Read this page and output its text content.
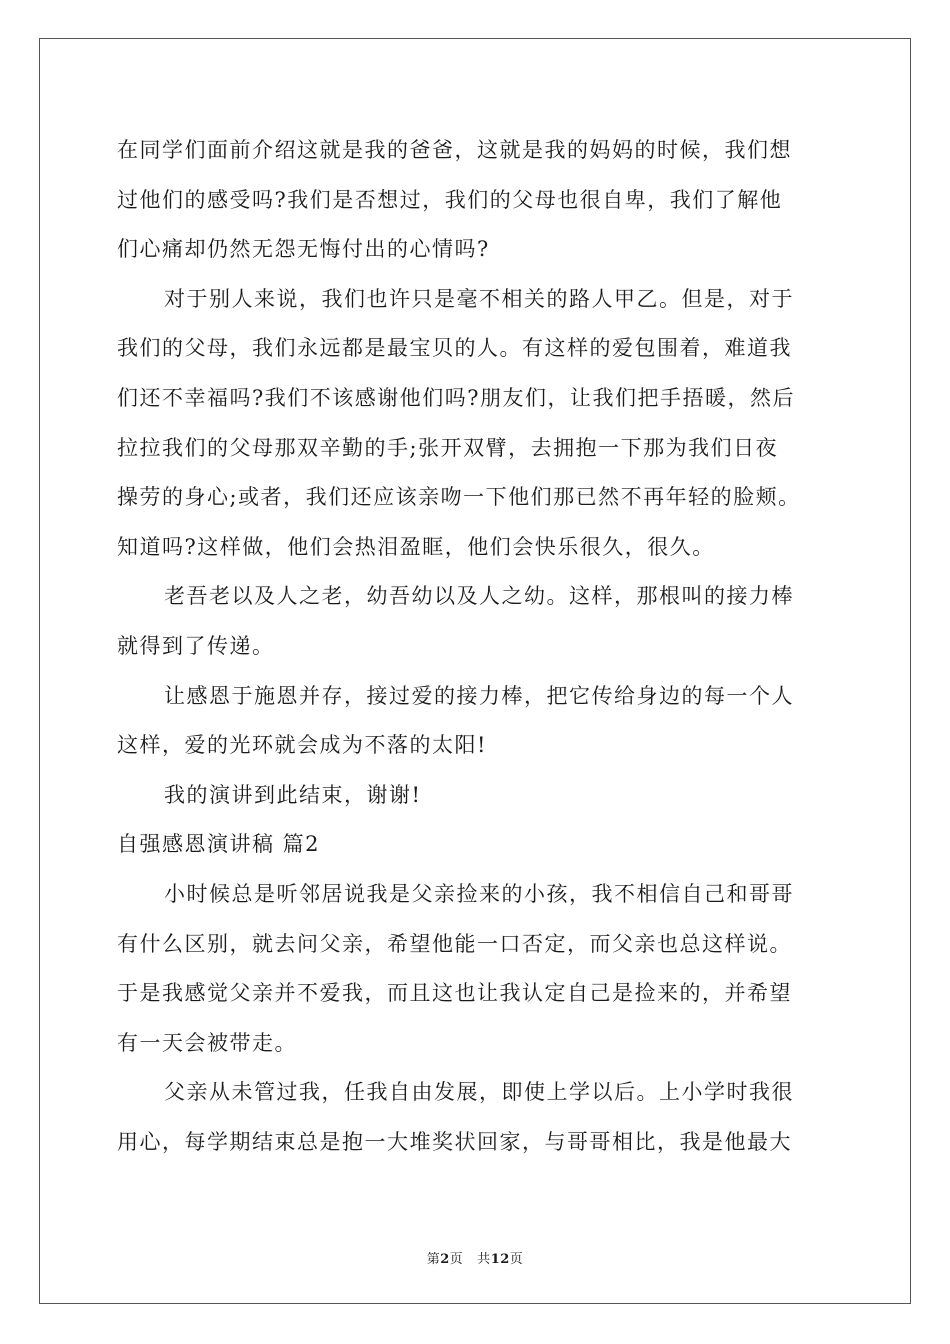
在同学们面前介绍这就是我的爸爸，这就是我的妈妈的时候，我们想
过他们的感受吗?我们是否想过，我们的父母也很自卑，我们了解他
们心痛却仍然无怨无悔付出的心情吗?
对于别人来说，我们也许只是毫不相关的路人甲乙。但是，对于
我们的父母，我们永远都是最宝贝的人。有这样的爱包围着，难道我
们还不幸福吗?我们不该感谢他们吗?朋友们，让我们把手捂暖，然后
拉拉我们的父母那双辛勤的手;张开双臂，去拥抱一下那为我们日夜
操劳的身心;或者，我们还应该亲吻一下他们那已然不再年轻的脸颊。
知道吗?这样做，他们会热泪盈眶，他们会快乐很久，很久。
老吾老以及人之老，幼吾幼以及人之幼。这样，那根叫的接力棒
就得到了传递。
让感恩于施恩并存，接过爱的接力棒，把它传给身边的每一个人
这样，爱的光环就会成为不落的太阳!
我的演讲到此结束，谢谢!
自强感恩演讲稿 篇2
小时候总是听邻居说我是父亲捡来的小孩，我不相信自己和哥哥
有什么区别，就去问父亲，希望他能一口否定，而父亲也总这样说。
于是我感觉父亲并不爱我，而且这也让我认定自己是捡来的，并希望
有一天会被带走。
父亲从未管过我，任我自由发展，即使上学以后。上小学时我很
用心，每学期结束总是抱一大堆奖状回家，与哥哥相比，我是他最大
第2页 共12页
